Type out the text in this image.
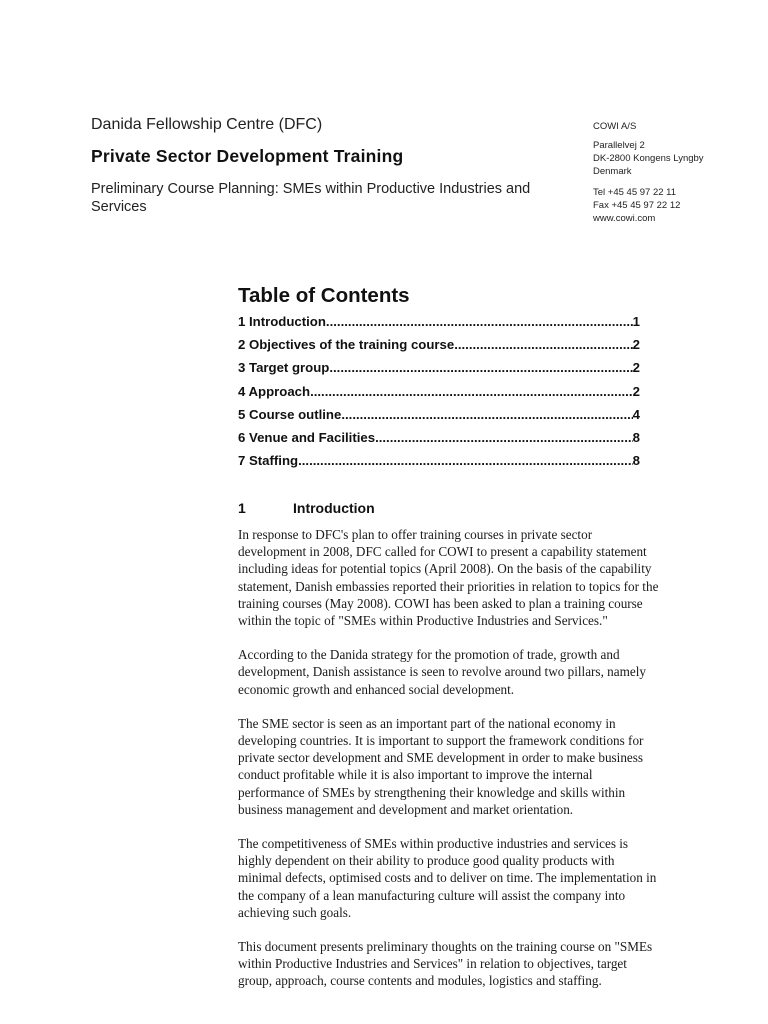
Danida Fellowship Centre (DFC)
Private Sector Development Training
Preliminary Course Planning: SMEs within Productive Industries and Services
COWI A/S
Parallelvej 2
DK-2800 Kongens Lyngby
Denmark
Tel +45 45 97 22 11
Fax +45 45 97 22 12
www.cowi.com
Table of Contents
1 Introduction .....	1
2 Objectives of the training course .....	2
3 Target group .....	2
4 Approach .....	2
5 Course outline .....	4
6 Venue and Facilities .....	8
7 Staffing .....	8
1	Introduction

In response to DFC's plan to offer training courses in private sector
development in 2008, DFC called for COWI to present a capability statement
including ideas for potential topics (April 2008). On the basis of the capability
statement, Danish embassies reported their priorities in relation to topics for the
training courses (May 2008). COWI has been asked to plan a training course
within the topic of "SMEs within Productive Industries and Services."

According to the Danida strategy for the promotion of trade, growth and
development, Danish assistance is seen to revolve around two pillars, namely
economic growth and enhanced social development.

The SME sector is seen as an important part of the national economy in
developing countries. It is important to support the framework conditions for
private sector development and SME development in order to make business
conduct profitable while it is also important to improve the internal
performance of SMEs by strengthening their knowledge and skills within
business management and development and market orientation.

The competitiveness of SMEs within productive industries and services is
highly dependent on their ability to produce good quality products with
minimal defects, optimised costs and to deliver on time. The implementation in
the company of a lean manufacturing culture will assist the company into
achieving such goals.

This document presents preliminary thoughts on the training course on "SMEs
within Productive Industries and Services" in relation to objectives, target
group, approach, course contents and modules, logistics and staffing.
